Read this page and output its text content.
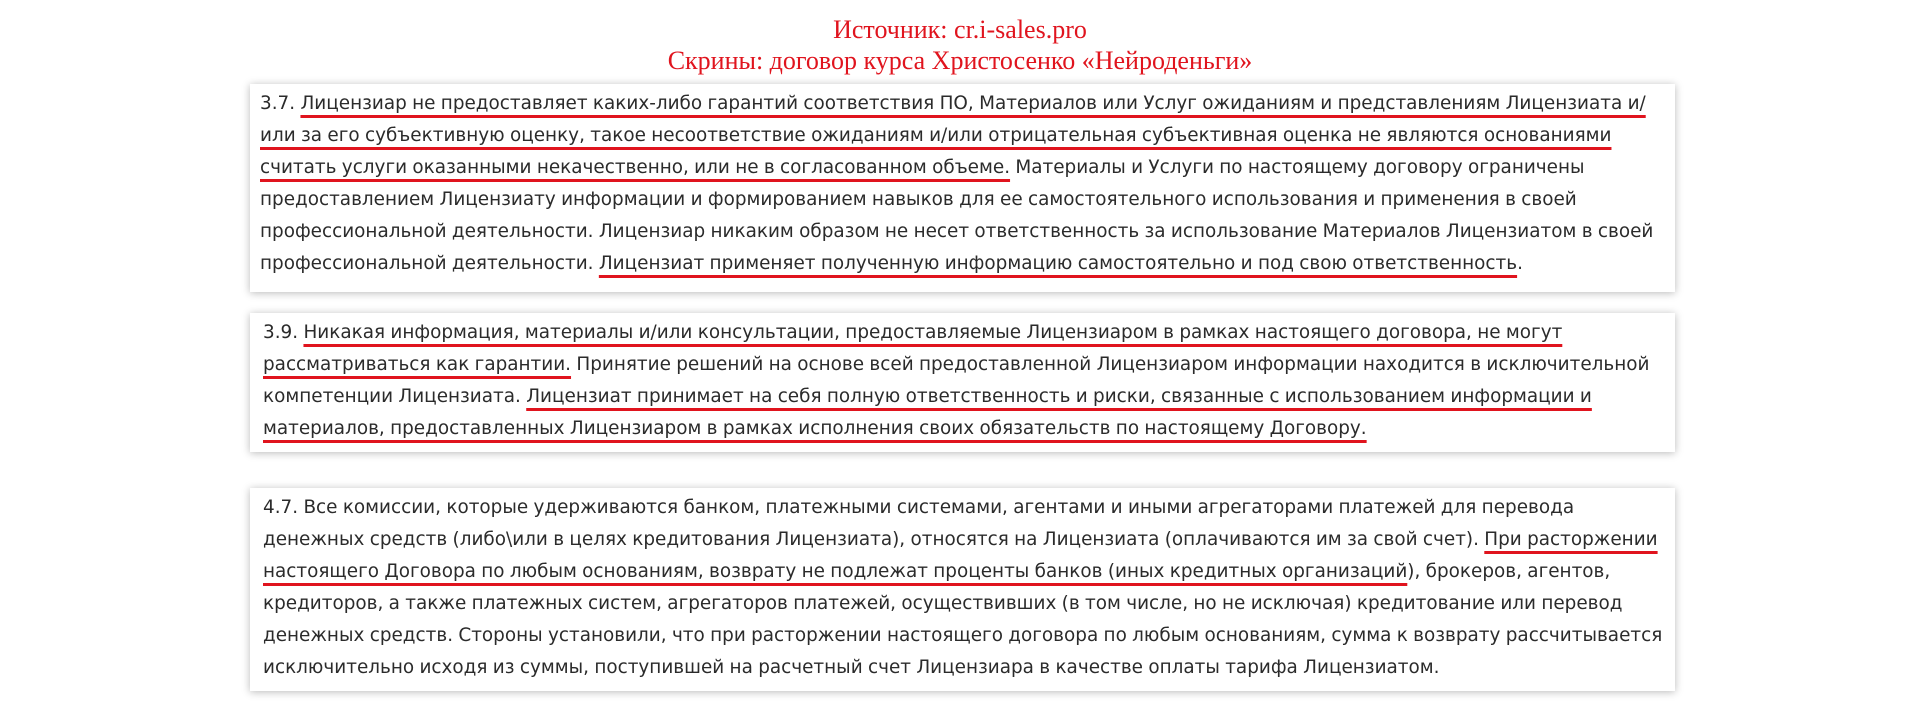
Источник: cr.i-sales.pro
Скрины: договор курса Христосенко «Нейроденьги»

3.7. Лицензиар не предоставляет каких-либо гарантий соответствия ПО, Материалов или Услуг ожиданиям и представлениям Лицензиата и/или за его субъективную оценку, такое несоответствие ожиданиям и/или отрицательная субъективная оценка не являются основаниями считать услуги оказанными некачественно, или не в согласованном объеме. Материалы и Услуги по настоящему договору ограничены предоставлением Лицензиату информации и формированием навыков для ее самостоятельного использования и применения в своей профессиональной деятельности. Лицензиар никаким образом не несет ответственность за использование Материалов Лицензиатом в своей профессиональной деятельности. Лицензиат применяет полученную информацию самостоятельно и под свою ответственность.

3.9. Никакая информация, материалы и/или консультации, предоставляемые Лицензиаром в рамках настоящего договора, не могут рассматриваться как гарантии. Принятие решений на основе всей предоставленной Лицензиаром информации находится в исключительной компетенции Лицензиата. Лицензиат принимает на себя полную ответственность и риски, связанные с использованием информации и материалов, предоставленных Лицензиаром в рамках исполнения своих обязательств по настоящему Договору.

4.7. Все комиссии, которые удерживаются банком, платежными системами, агентами и иными агрегаторами платежей для перевода денежных средств (либо\или в целях кредитования Лицензиата), относятся на Лицензиата (оплачиваются им за свой счет). При расторжении настоящего Договора по любым основаниям, возврату не подлежат проценты банков (иных кредитных организаций), брокеров, агентов, кредиторов, а также платежных систем, агрегаторов платежей, осуществивших (в том числе, но не исключая) кредитование или перевод денежных средств. Стороны установили, что при расторжении настоящего договора по любым основаниям, сумма к возврату рассчитывается исключительно исходя из суммы, поступившей на расчетный счет Лицензиара в качестве оплаты тарифа Лицензиатом.
